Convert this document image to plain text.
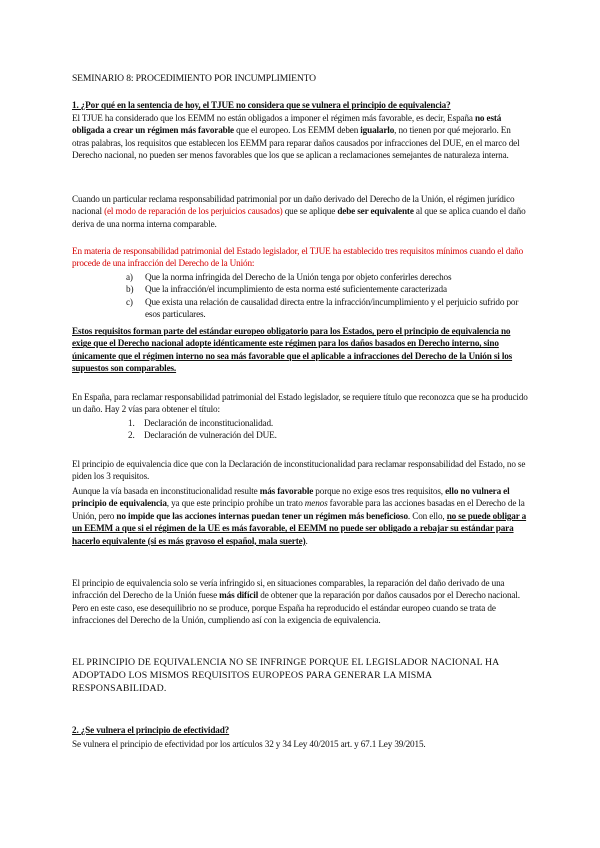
SEMINARIO 8: PROCEDIMIENTO POR INCUMPLIMIENTO
1. ¿Por qué en la sentencia de hoy, el TJUE no considera que se vulnera el principio de equivalencia?
El TJUE ha considerado que los EEMM no están obligados a imponer el régimen más favorable, es decir, España no está obligada a crear un régimen más favorable que el europeo. Los EEMM deben igualarlo, no tienen por qué mejorarlo. En otras palabras, los requisitos que establecen los EEMM para reparar daños causados por infracciones del DUE, en el marco del Derecho nacional, no pueden ser menos favorables que los que se aplican a reclamaciones semejantes de naturaleza interna.
Cuando un particular reclama responsabilidad patrimonial por un daño derivado del Derecho de la Unión, el régimen jurídico nacional (el modo de reparación de los perjuicios causados) que se aplique debe ser equivalente al que se aplica cuando el daño deriva de una norma interna comparable.
En materia de responsabilidad patrimonial del Estado legislador, el TJUE ha establecido tres requisitos mínimos cuando el daño procede de una infracción del Derecho de la Unión:
a) Que la norma infringida del Derecho de la Unión tenga por objeto conferirles derechos
b) Que la infracción/el incumplimiento de esta norma esté suficientemente caracterizada
c) Que exista una relación de causalidad directa entre la infracción/incumplimiento y el perjuicio sufrido por esos particulares.
Estos requisitos forman parte del estándar europeo obligatorio para los Estados, pero el principio de equivalencia no exige que el Derecho nacional adopte idénticamente este régimen para los daños basados en Derecho interno, sino únicamente que el régimen interno no sea más favorable que el aplicable a infracciones del Derecho de la Unión si los supuestos son comparables.
En España, para reclamar responsabilidad patrimonial del Estado legislador, se requiere título que reconozca que se ha producido un daño. Hay 2 vías para obtener el título:
1. Declaración de inconstitucionalidad.
2. Declaración de vulneración del DUE.
El principio de equivalencia dice que con la Declaración de inconstitucionalidad para reclamar responsabilidad del Estado, no se piden los 3 requisitos.
Aunque la vía basada en inconstitucionalidad resulte más favorable porque no exige esos tres requisitos, ello no vulnera el principio de equivalencia, ya que este principio prohíbe un trato menos favorable para las acciones basadas en el Derecho de la Unión, pero no impide que las acciones internas puedan tener un régimen más beneficioso. Con ello, no se puede obligar a un EEMM a que si el régimen de la UE es más favorable, el EEMM no puede ser obligado a rebajar su estándar para hacerlo equivalente (si es más gravoso el español, mala suerte).
El principio de equivalencia solo se vería infringido si, en situaciones comparables, la reparación del daño derivado de una infracción del Derecho de la Unión fuese más difícil de obtener que la reparación por daños causados por el Derecho nacional. Pero en este caso, ese desequilibrio no se produce, porque España ha reproducido el estándar europeo cuando se trata de infracciones del Derecho de la Unión, cumpliendo así con la exigencia de equivalencia.
EL PRINCIPIO DE EQUIVALENCIA NO SE INFRINGE PORQUE EL LEGISLADOR NACIONAL HA ADOPTADO LOS MISMOS REQUISITOS EUROPEOS PARA GENERAR LA MISMA RESPONSABILIDAD.
2. ¿Se vulnera el principio de efectividad?
Se vulnera el principio de efectividad por los artículos 32 y 34 Ley 40/2015 art. y 67.1 Ley 39/2015.
